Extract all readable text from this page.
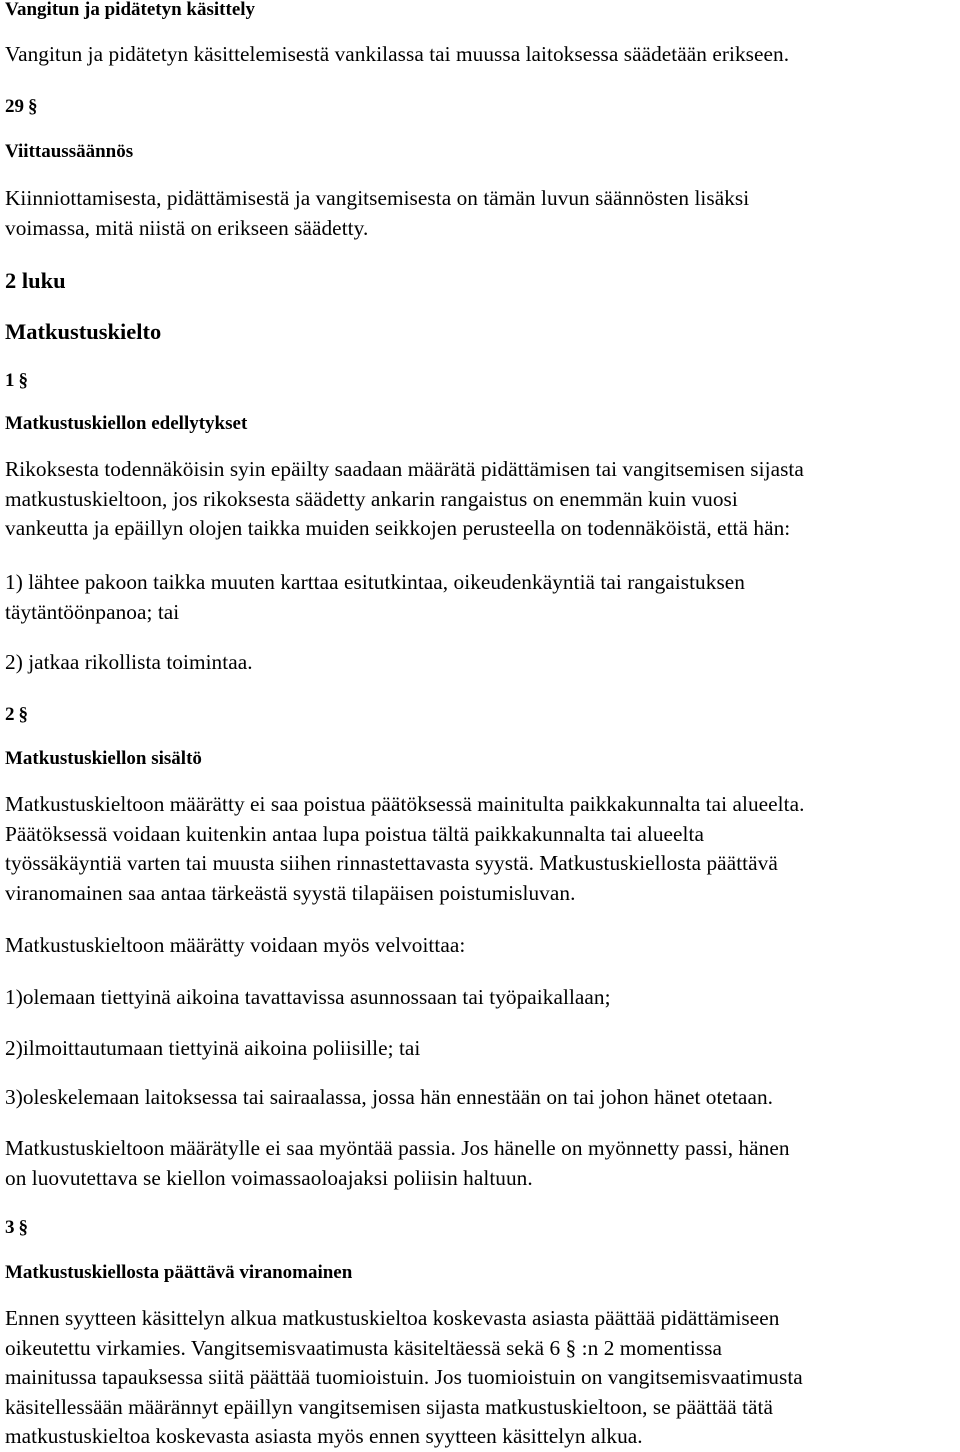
Vangitun ja pidätetyn käsittely
Vangitun ja pidätetyn käsittelemisestä vankilassa tai muussa laitoksessa säädetään erikseen.
29 §
Viittaussäännös
Kiinniottamisesta, pidättämisestä ja vangitsemisesta on tämän luvun säännösten lisäksi
voimassa, mitä niistä on erikseen säädetty.
2 luku
Matkustuskielto
1 §
Matkustuskiellon edellytykset
Rikoksesta todennäköisin syin epäilty saadaan määrätä pidättämisen tai vangitsemisen sijasta
matkustuskieltoon, jos rikoksesta säädetty ankarin rangaistus on enemmän kuin vuosi
vankeutta ja epäillyn olojen taikka muiden seikkojen perusteella on todennäköistä, että hän:
1) lähtee pakoon taikka muuten karttaa esitutkintaa, oikeudenkäyntiä tai rangaistuksen
täytäntöönpanoa; tai
2) jatkaa rikollista toimintaa.
2 §
Matkustuskiellon sisältö
Matkustuskieltoon määrätty ei saa poistua päätöksessä mainitulta paikkakunnalta tai alueelta.
Päätöksessä voidaan kuitenkin antaa lupa poistua tältä paikkakunnalta tai alueelta
työssäkäyntiä varten tai muusta siihen rinnastettavasta syystä. Matkustuskiellosta päättävä
viranomainen saa antaa tärkeästä syystä tilapäisen poistumisluvan.
Matkustuskieltoon määrätty voidaan myös velvoittaa:
1)olemaan tiettyinä aikoina tavattavissa asunnossaan tai työpaikallaan;
2)ilmoittautumaan tiettyinä aikoina poliisille; tai
3)oleskelemaan laitoksessa tai sairaalassa, jossa hän ennestään on tai johon hänet otetaan.
Matkustuskieltoon määrätylle ei saa myöntää passia. Jos hänelle on myönnetty passi, hänen
on luovutettava se kiellon voimassaoloajaksi poliisin haltuun.
3 §
Matkustuskiellosta päättävä viranomainen
Ennen syytteen käsittelyn alkua matkustuskieltoa koskevasta asiasta päättää pidättämiseen
oikeutettu virkamies. Vangitsemisvaatimusta käsiteltäessä sekä 6 § :n 2 momentissa
mainitussa tapauksessa siitä päättää tuomioistuin. Jos tuomioistuin on vangitsemisvaatimusta
käsitellessään määrännyt epäillyn vangitsemisen sijasta matkustuskieltoon, se päättää tätä
matkustuskieltoa koskevasta asiasta myös ennen syytteen käsittelyn alkua.
